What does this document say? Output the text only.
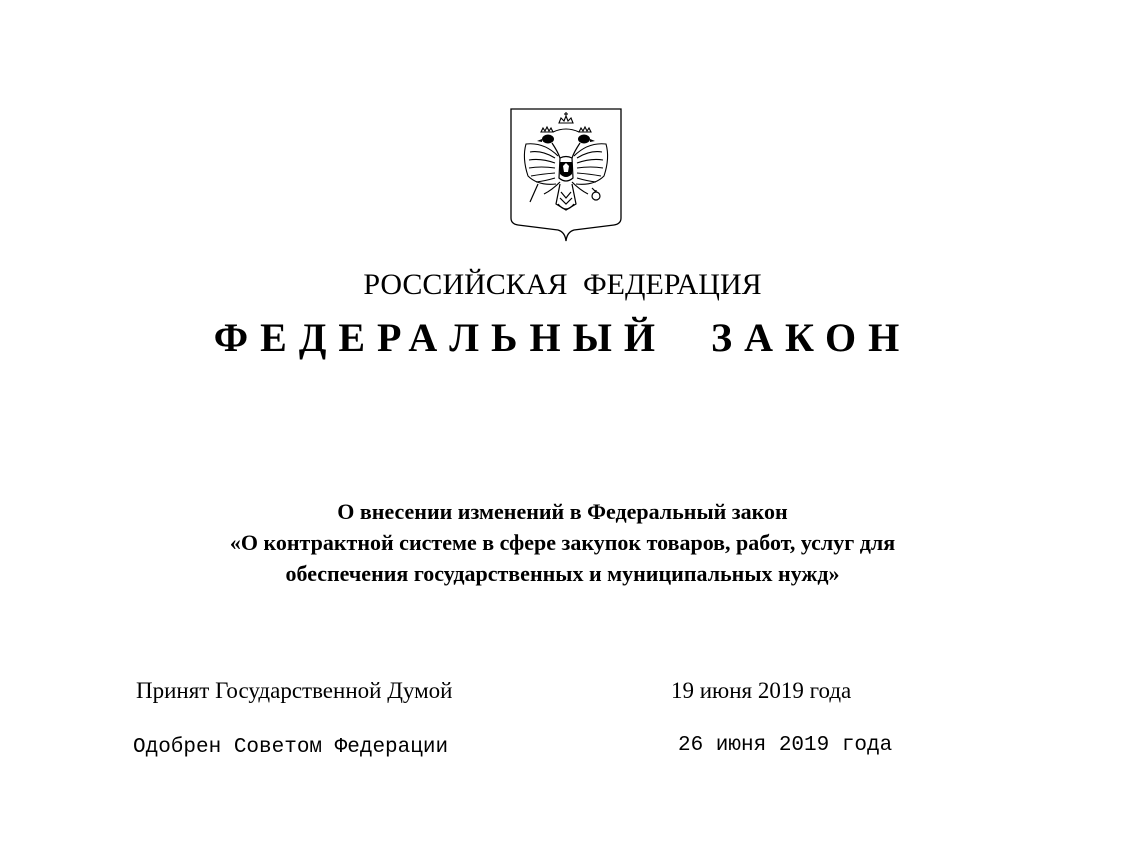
РОССИЙСКАЯ ФЕДЕРАЦИЯ
ФЕДЕРАЛЬНЫЙ ЗАКОН
О внесении изменений в Федеральный закон
«О контрактной системе в сфере закупок товаров, работ, услуг для
обеспечения государственных и муниципальных нужд»
Принят Государственной Думой	19 июня 2019 года
Одобрен Советом Федерации	26 июня 2019 года
